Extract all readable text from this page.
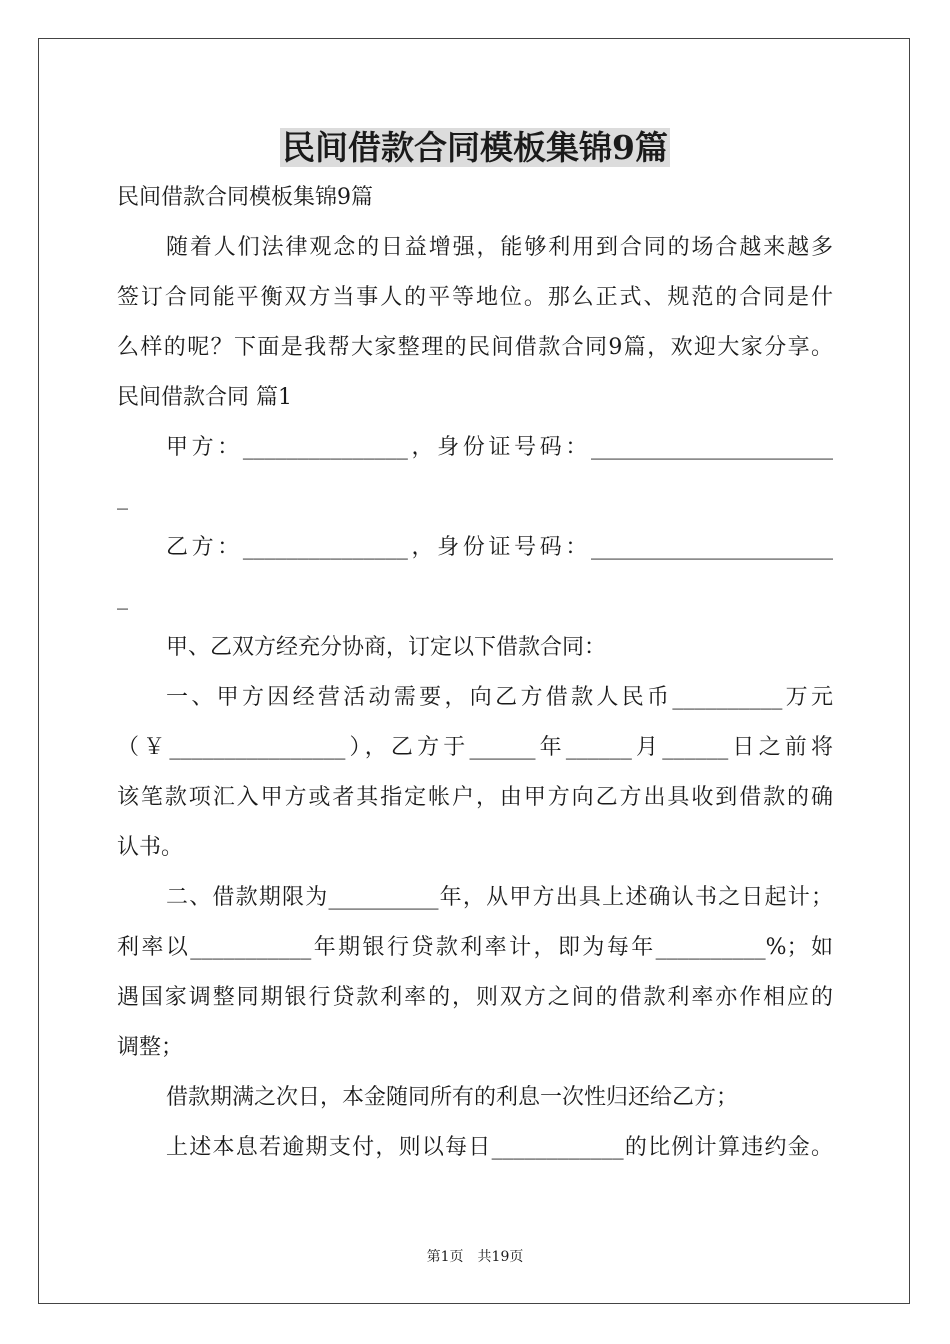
民间借款合同模板集锦9篇
民间借款合同模板集锦9篇
随着人们法律观念的日益增强，能够利用到合同的场合越来越多
签订合同能平衡双方当事人的平等地位。那么正式、规范的合同是什
么样的呢？下面是我帮大家整理的民间借款合同9篇，欢迎大家分享。
民间借款合同 篇1
甲方：_______________，身份证号码：______________________
_
乙方：_______________，身份证号码：______________________
_
甲、乙双方经充分协商，订定以下借款合同：
一、甲方因经营活动需要，向乙方借款人民币__________万元
（￥________________），乙方于______年______月______日之前将
该笔款项汇入甲方或者其指定帐户，由甲方向乙方出具收到借款的确
认书。
二、借款期限为__________年，从甲方出具上述确认书之日起计；
利率以___________年期银行贷款利率计，即为每年__________%；如
遇国家调整同期银行贷款利率的，则双方之间的借款利率亦作相应的
调整；
借款期满之次日，本金随同所有的利息一次性归还给乙方；
上述本息若逾期支付，则以每日____________的比例计算违约金。
第1页　共19页
